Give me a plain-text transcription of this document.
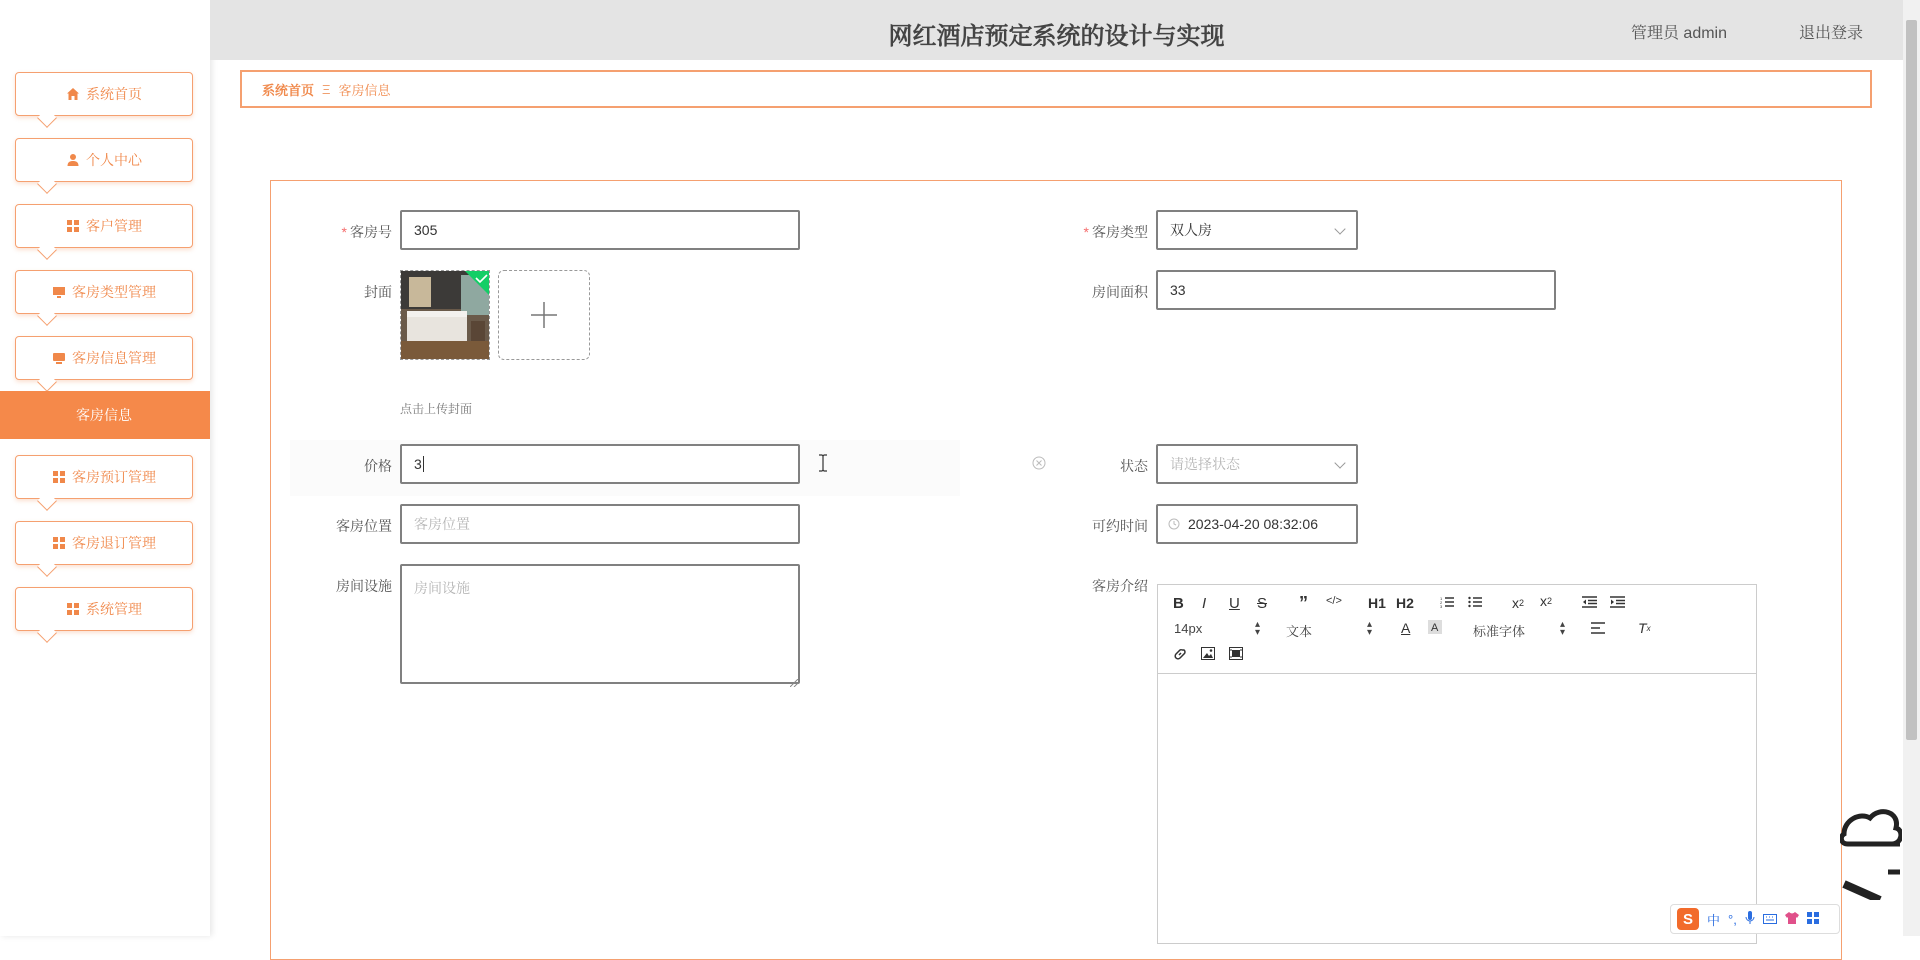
系统首页
个人中心
客户管理
客房类型管理
客房信息管理
客房信息
客房预订管理
客房退订管理
系统管理
网红酒店预定系统的设计与实现	管理员 admin	退出登录
系统首页 Ξ 客房信息
* 客房号	305	* 客房类型 双人房
封面
点击上传封面
房间面积	33
价格 3	状态 请选择状态
客房位置	客房位置	可约时间	2023-04-20 08:32:06
房间设施	房间设施	客房介绍
B I U S ” </> H1 H2	1
2
3	x 2 x 2
14px	▴
▾ 文本	▴
▾ A A	标准字体	▴
▾	T x
S	中 °,
